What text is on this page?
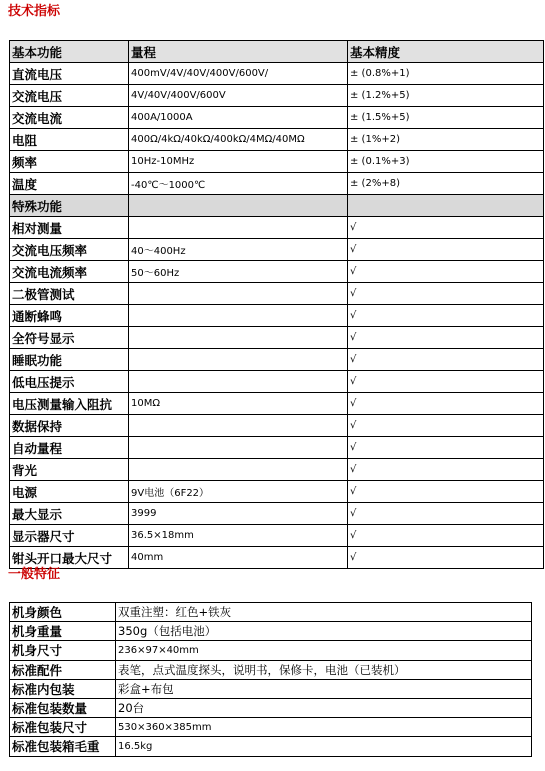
技术指标
基本功能	量程	基本精度
直流电压	400mV/4V/40V/400V/600V/	± (0.8%+1)
交流电压	4V/40V/400V/600V	± (1.2%+5)
交流电流	400A/1000A	± (1.5%+5)
电阻	400Ω/4kΩ/40kΩ/400kΩ/4MΩ/40MΩ	± (1%+2)
频率	10Hz-10MHz	± (0.1%+3)
温度	-40℃～1000℃	± (2%+8)
特殊功能		
相对测量		√
交流电压频率	40～400Hz	√
交流电流频率	50～60Hz	√
二极管测试		√
通断蜂鸣		√
全符号显示		√
睡眠功能		√
低电压提示		√
电压测量输入阻抗	10MΩ	√
数据保持		√
自动量程		√
背光		√
电源	9V电池（6F22）	√
最大显示	3999	√
显示器尺寸	36.5×18mm	√
钳头开口最大尺寸	40mm	√
一般特征
机身颜色	双重注塑：红色+铁灰
机身重量	350g（包括电池）
机身尺寸	236×97×40mm
标准配件	表笔，点式温度探头，说明书，保修卡，电池（已装机）
标准内包装	彩盒+布包
标准包装数量	20台
标准包装尺寸	530×360×385mm
标准包装箱毛重	16.5kg
